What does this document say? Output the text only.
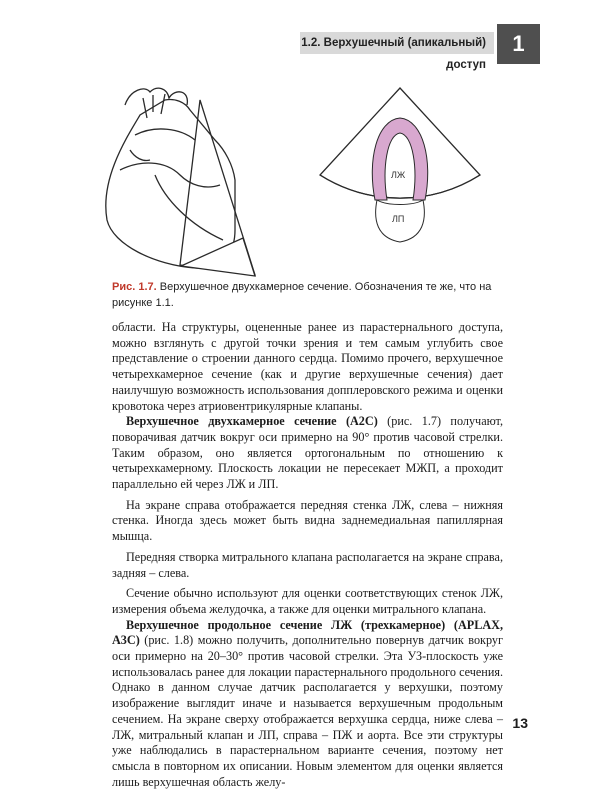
1.2. Верхушечный (апикальный) доступ
1
ЛЖ
ЛП
Рис. 1.7. Верхушечное двухкамерное сечение. Обозначения те же, что на рисунке 1.1.

области. На структуры, оцененные ранее из парастернального доступа, можно взглянуть с другой точки зрения и тем самым углубить свое представление о строении данного сердца. Помимо прочего, верхушечное четырехкамерное сечение (как и другие верхушечные сечения) дает наилучшую возможность использования допплеровского режима и оценки кровотока через атриовентрикулярные клапаны.

Верхушечное двухкамерное сечение (A2C) (рис. 1.7) получают, поворачивая датчик вокруг оси примерно на 90° против часовой стрелки. Таким образом, оно является ортогональным по отношению к четырехкамерному. Плоскость локации не пересекает МЖП, а проходит параллельно ей через ЛЖ и ЛП.

На экране справа отображается передняя стенка ЛЖ, слева – нижняя стенка. Иногда здесь может быть видна заднемедиальная папиллярная мышца.

Передняя створка митрального клапана располагается на экране справа, задняя – слева.

Сечение обычно используют для оценки соответствующих стенок ЛЖ, измерения объема желудочка, а также для оценки митрального клапана.

Верхушечное продольное сечение ЛЖ (трехкамерное) (APLAX, A3C) (рис. 1.8) можно получить, дополнительно повернув датчик вокруг оси примерно на 20–30° против часовой стрелки. Эта УЗ-плоскость уже использовалась ранее для локации парастернального продольного сечения. Однако в данном случае датчик располагается у верхушки, поэтому изображение выглядит иначе и называется верхушечным продольным сечением. На экране сверху отображается верхушка сердца, ниже слева – ЛЖ, митральный клапан и ЛП, справа – ПЖ и аорта. Все эти структуры уже наблюдались в парастернальном варианте сечения, поэтому нет смысла в повторном их описании. Новым элементом для оценки является лишь верхушечная область желу-

13
